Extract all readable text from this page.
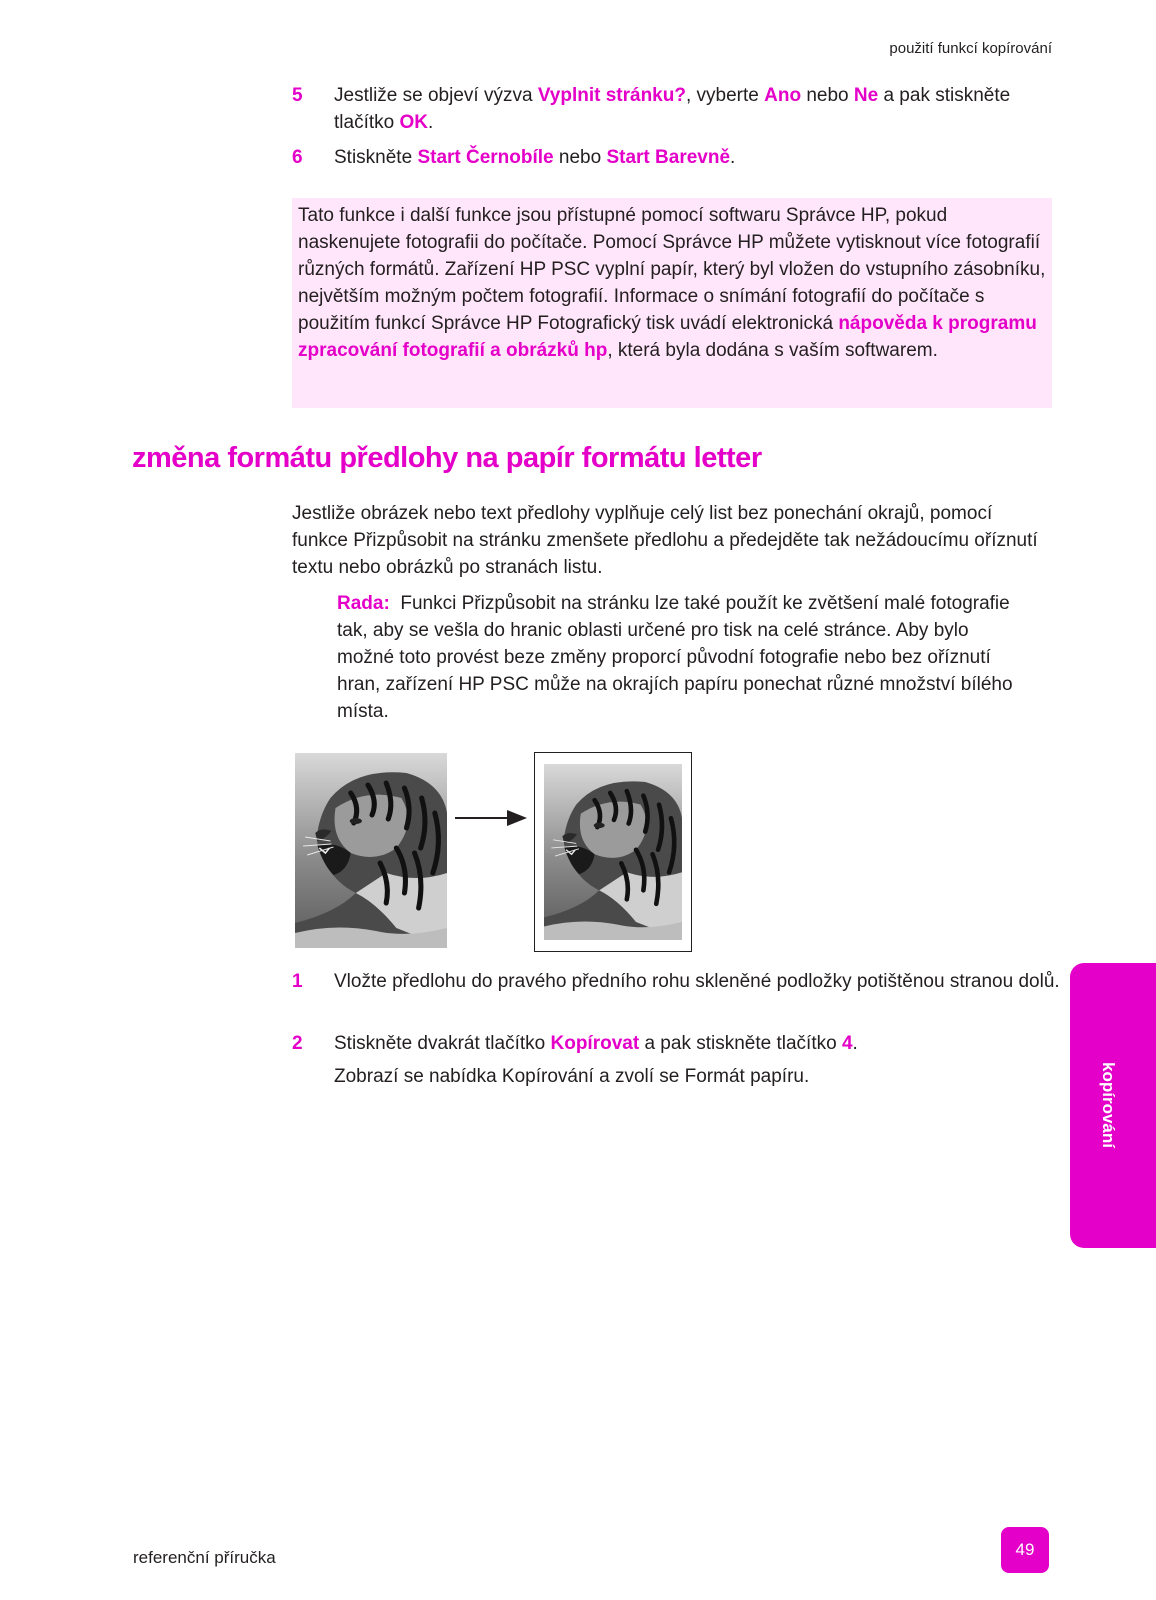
použití funkcí kopírování
5 Jestliže se objeví výzva Vyplnit stránku?, vyberte Ano nebo Ne a pak stiskněte tlačítko OK.
6 Stiskněte Start Černobíle nebo Start Barevně.
Tato funkce i další funkce jsou přístupné pomocí softwaru Správce HP, pokud naskenujete fotografii do počítače. Pomocí Správce HP můžete vytisknout více fotografií různých formátů. Zařízení HP PSC vyplní papír, který byl vložen do vstupního zásobníku, největším možným počtem fotografií. Informace o snímání fotografií do počítače s použitím funkcí Správce HP Fotografický tisk uvádí elektronická nápověda k programu zpracování fotografií a obrázků hp, která byla dodána s vaším softwarem.
změna formátu předlohy na papír formátu letter
Jestliže obrázek nebo text předlohy vyplňuje celý list bez ponechání okrajů, pomocí funkce Přizpůsobit na stránku zmenšete předlohu a předejděte tak nežádoucímu oříznutí textu nebo obrázků po stranách listu.
Rada: Funkci Přizpůsobit na stránku lze také použít ke zvětšení malé fotografie tak, aby se vešla do hranic oblasti určené pro tisk na celé stránce. Aby bylo možné toto provést beze změny proporcí původní fotografie nebo bez oříznutí hran, zařízení HP PSC může na okrajích papíru ponechat různé množství bílého místa.
1 Vložte předlohu do pravého předního rohu skleněné podložky potištěnou stranou dolů.
2 Stiskněte dvakrát tlačítko Kopírovat a pak stiskněte tlačítko 4.
Zobrazí se nabídka Kopírování a zvolí se Formát papíru.	kopírování
referenční příručka	49
